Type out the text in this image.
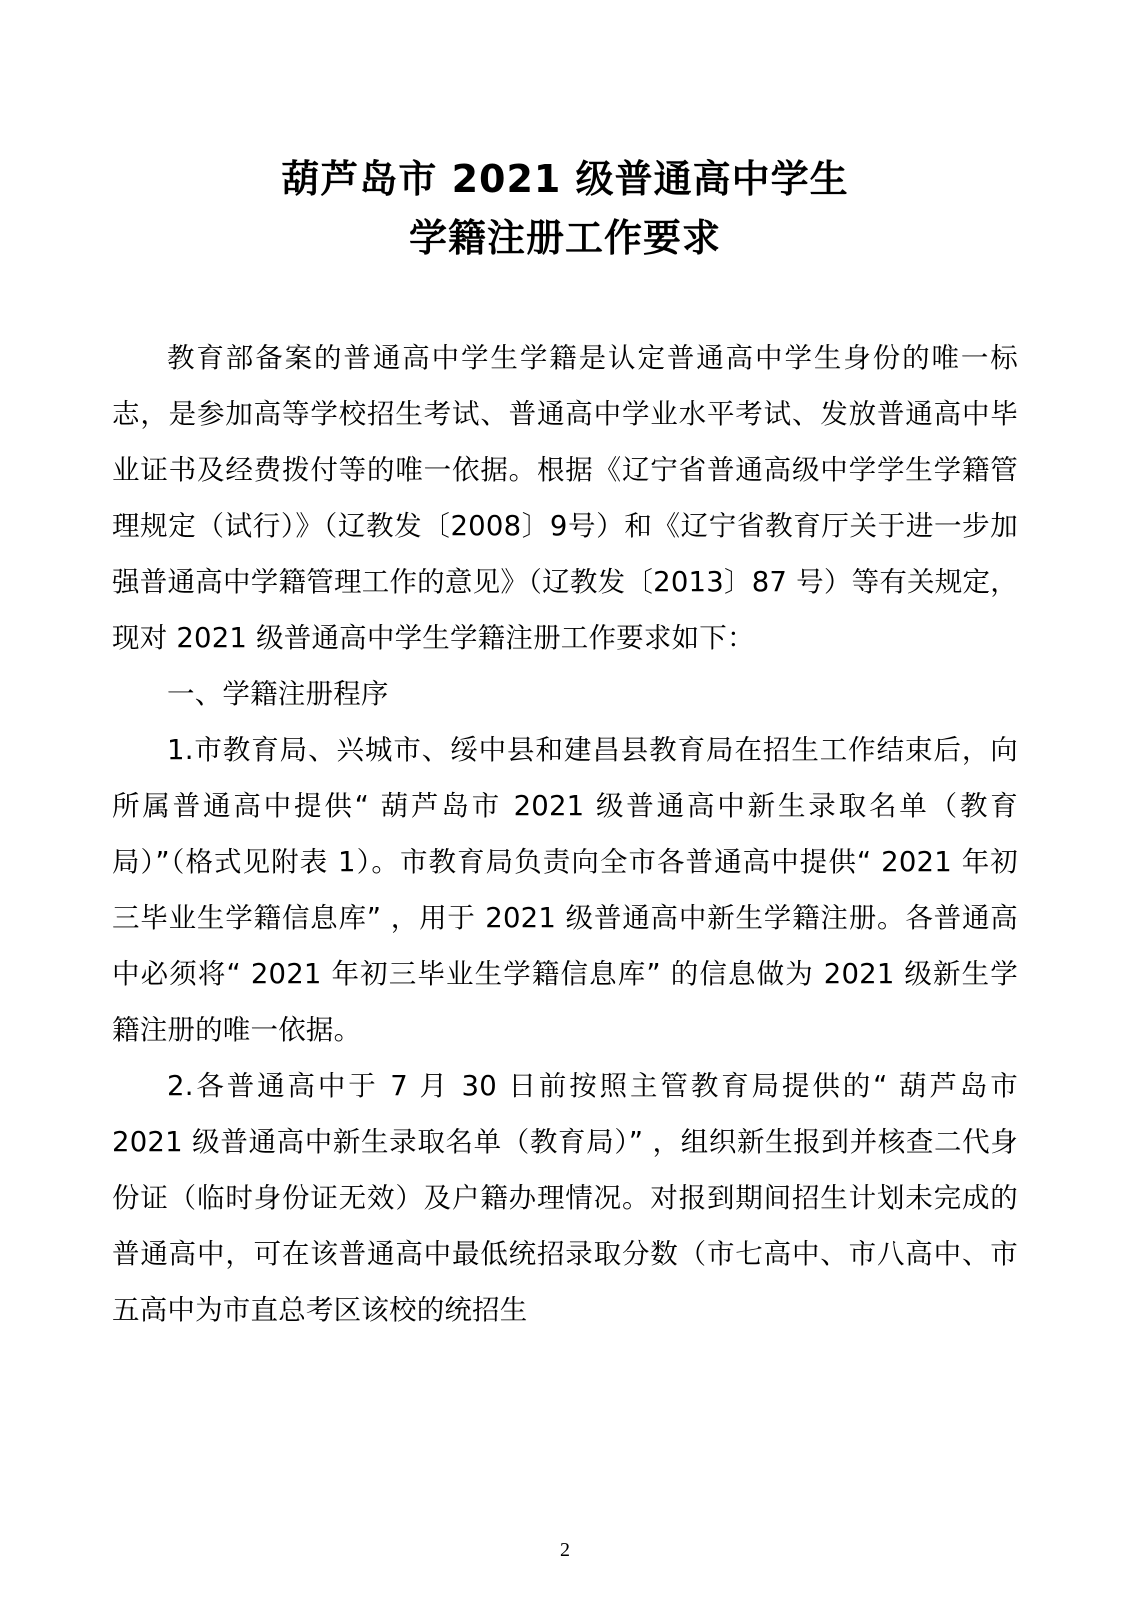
葫芦岛市 2021 级普通高中学生
学籍注册工作要求

教育部备案的普通高中学生学籍是认定普通高中学生身份的唯一标志，是参加高等学校招生考试、普通高中学业水平考试、发放普通高中毕业证书及经费拨付等的唯一依据。根据《辽宁省普通高级中学学生学籍管理规定（试行）》（辽教发〔2008〕9号）和《辽宁省教育厅关于进一步加强普通高中学籍管理工作的意见》（辽教发〔2013〕87 号）等有关规定，现对 2021 级普通高中学生学籍注册工作要求如下：

一、学籍注册程序

1.市教育局、兴城市、绥中县和建昌县教育局在招生工作结束后，向所属普通高中提供“ 葫芦岛市 2021 级普通高中新生录取名单（教育局）”（格式见附表 1）。市教育局负责向全市各普通高中提供“ 2021 年初三毕业生学籍信息库” ，用于 2021 级普通高中新生学籍注册。各普通高中必须将“ 2021 年初三毕业生学籍信息库” 的信息做为 2021 级新生学籍注册的唯一依据。

2.各普通高中于 7 月 30 日前按照主管教育局提供的“ 葫芦岛市 2021 级普通高中新生录取名单（教育局）” ，组织新生报到并核查二代身份证（临时身份证无效）及户籍办理情况。对报到期间招生计划未完成的普通高中，可在该普通高中最低统招录取分数（市七高中、市八高中、市五高中为市直总考区该校的统招生

2
